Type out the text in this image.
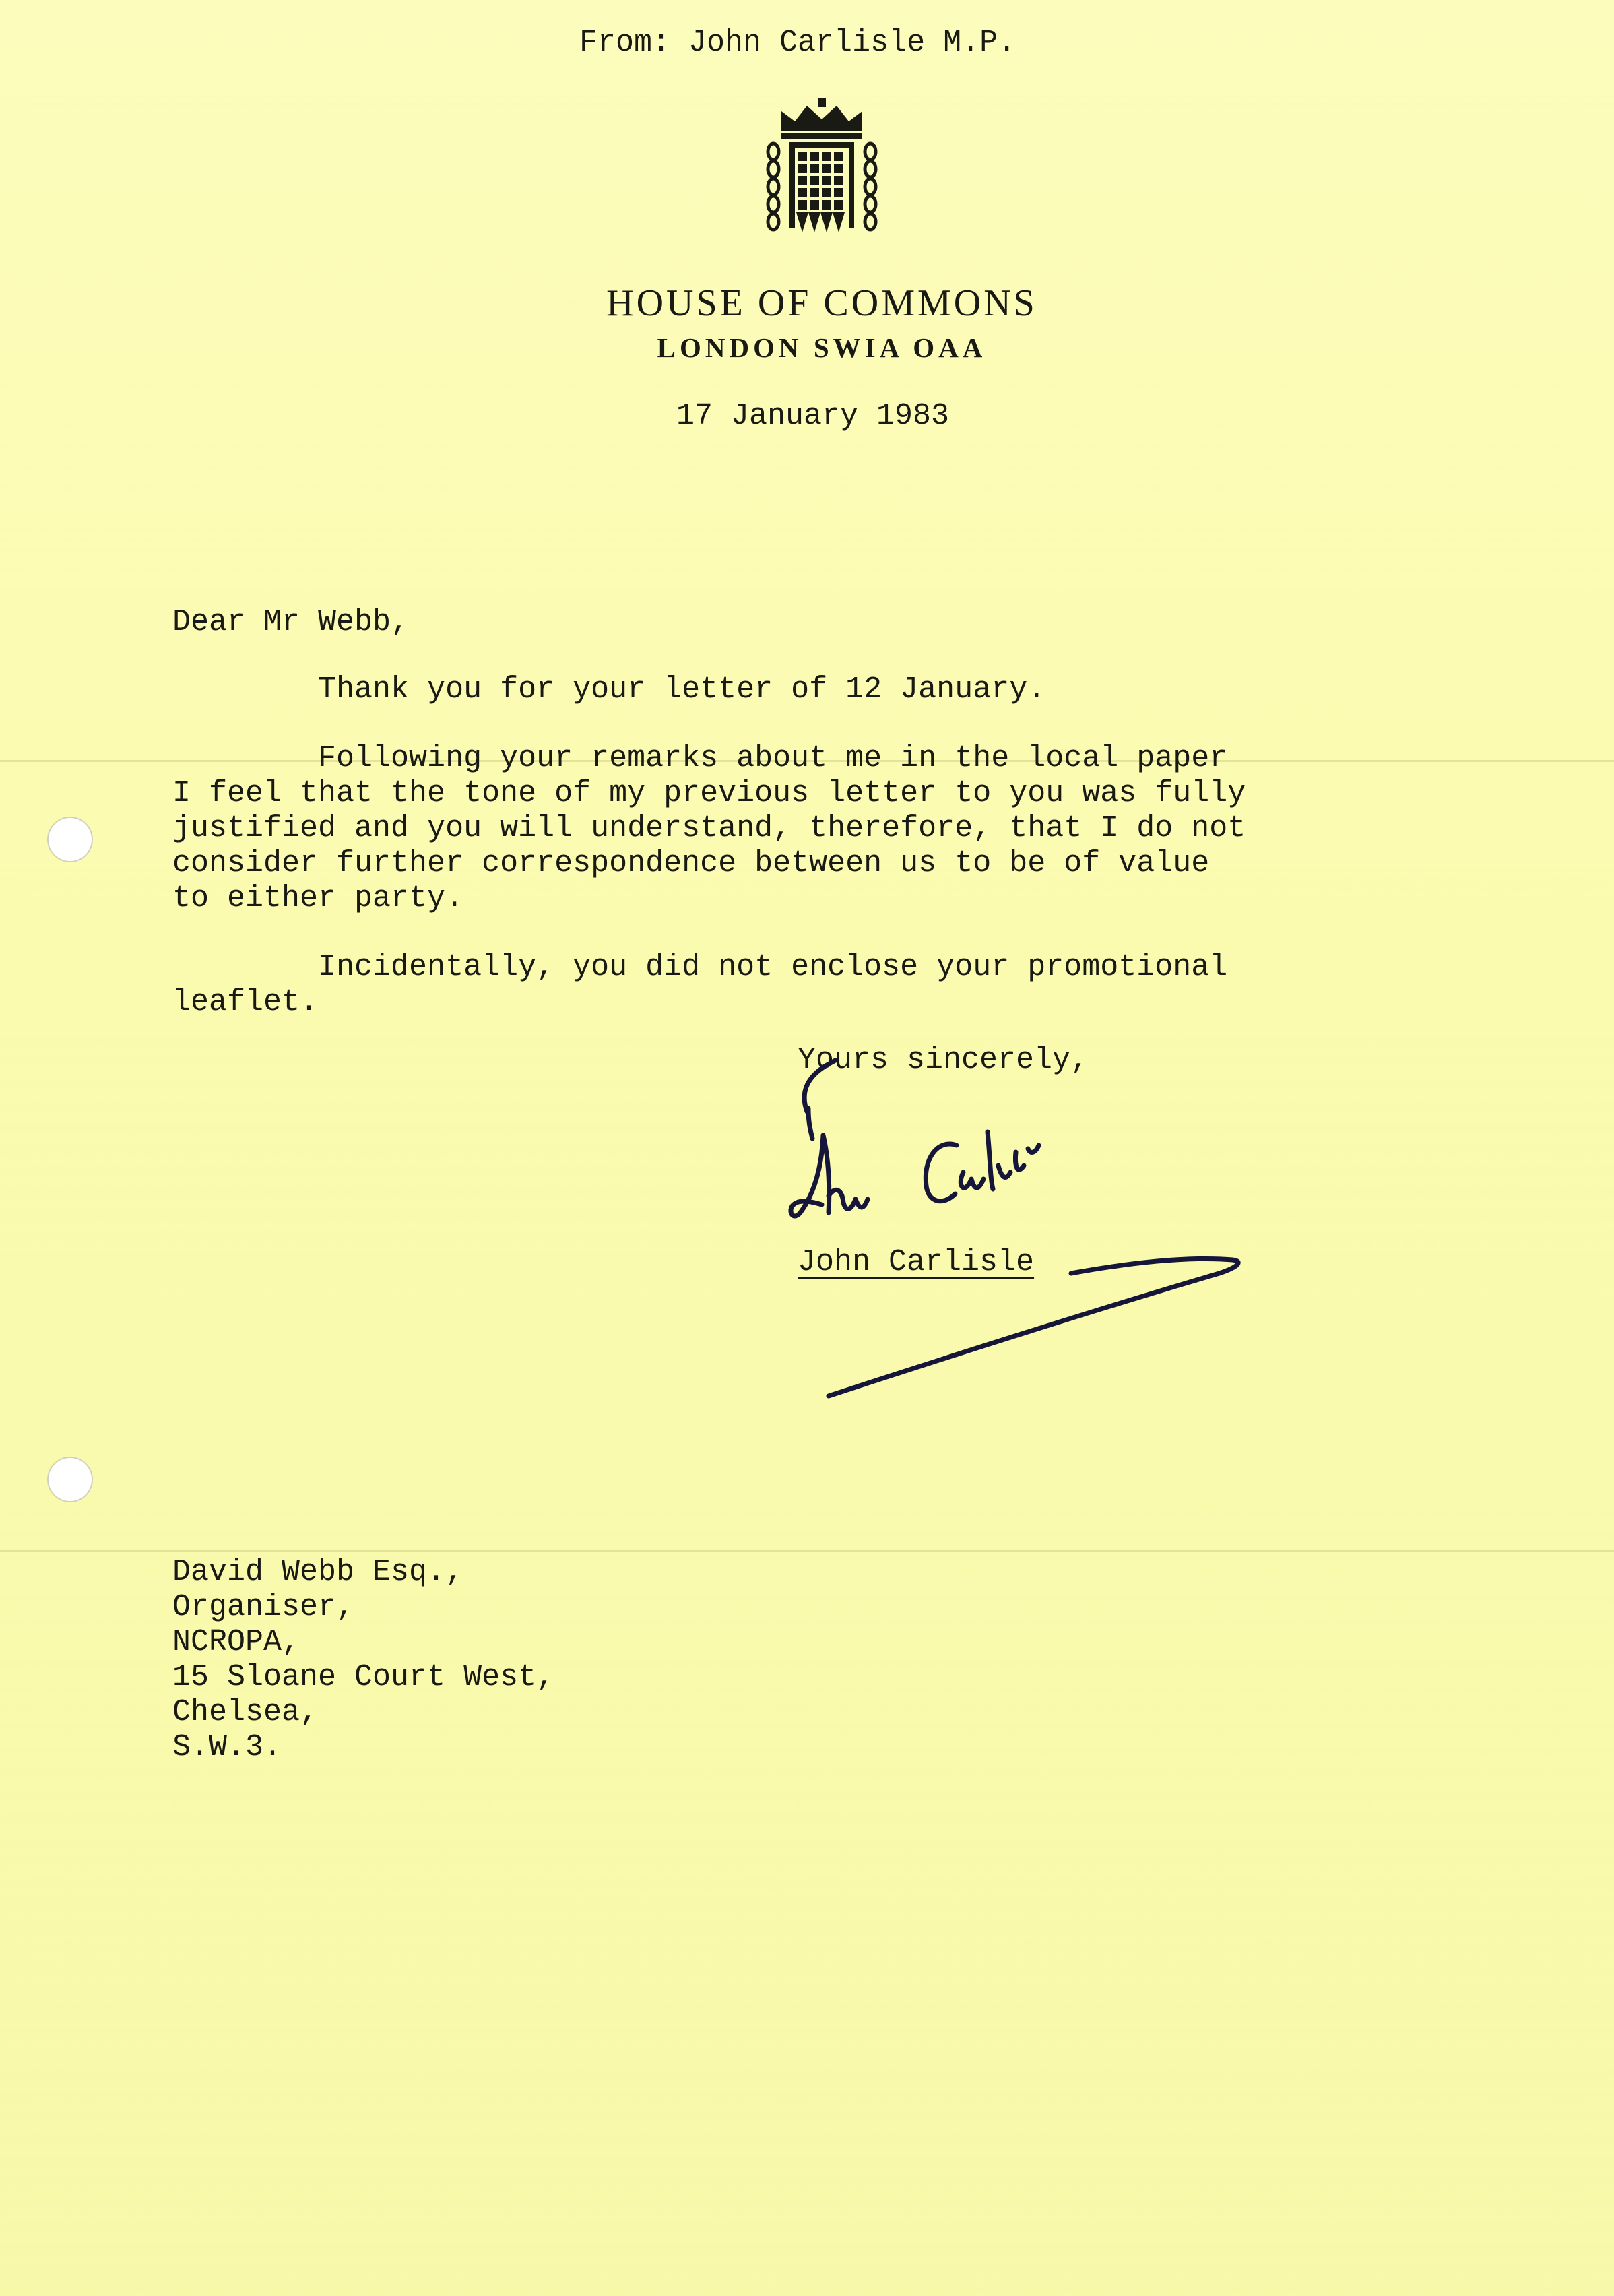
From: John Carlisle M.P.

HOUSE OF COMMONS

LONDON SWIA OAA

17 January 1983

Dear Mr Webb,

Thank you for your letter of 12 January.

Following your remarks about me in the local paper
I feel that the tone of my previous letter to you was fully
justified and you will understand, therefore, that I do not
consider further correspondence between us to be of value
to either party.

Incidentally, you did not enclose your promotional
leaflet.

Yours sincerely,

John Carlisle

David Webb Esq.,
Organiser,
NCROPA,
15 Sloane Court West,
Chelsea,
S.W.3.
